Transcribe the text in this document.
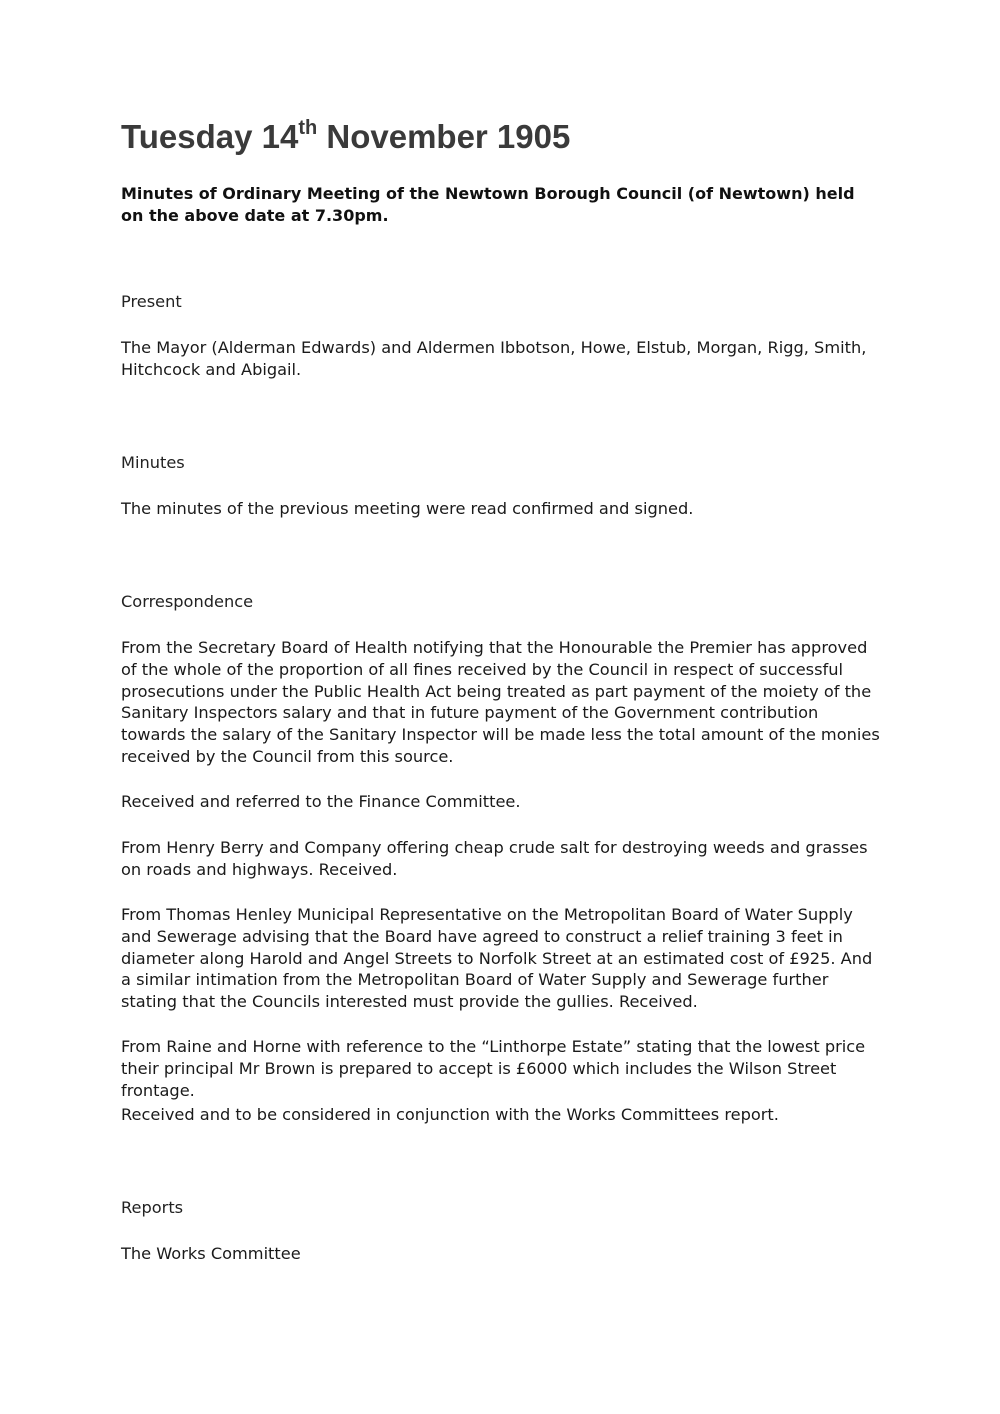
Tuesday 14th November 1905

Minutes of Ordinary Meeting of the Newtown Borough Council (of Newtown) held on the above date at 7.30pm.

Present

The Mayor (Alderman Edwards) and Aldermen Ibbotson, Howe, Elstub, Morgan, Rigg, Smith, Hitchcock and Abigail.

Minutes

The minutes of the previous meeting were read confirmed and signed.

Correspondence

From the Secretary Board of Health notifying that the Honourable the Premier has approved of the whole of the proportion of all fines received by the Council in respect of successful prosecutions under the Public Health Act being treated as part payment of the moiety of the Sanitary Inspectors salary and that in future payment of the Government contribution towards the salary of the Sanitary Inspector will be made less the total amount of the monies received by the Council from this source.

Received and referred to the Finance Committee.

From Henry Berry and Company offering cheap crude salt for destroying weeds and grasses on roads and highways. Received.

From Thomas Henley Municipal Representative on the Metropolitan Board of Water Supply and Sewerage advising that the Board have agreed to construct a relief training 3 feet in diameter along Harold and Angel Streets to Norfolk Street at an estimated cost of £925. And a similar intimation from the Metropolitan Board of Water Supply and Sewerage further stating that the Councils interested must provide the gullies. Received.

From Raine and Horne with reference to the “Linthorpe Estate” stating that the lowest price their principal Mr Brown is prepared to accept is £6000 which includes the Wilson Street frontage.

Received and to be considered in conjunction with the Works Committees report.

Reports

The Works Committee
